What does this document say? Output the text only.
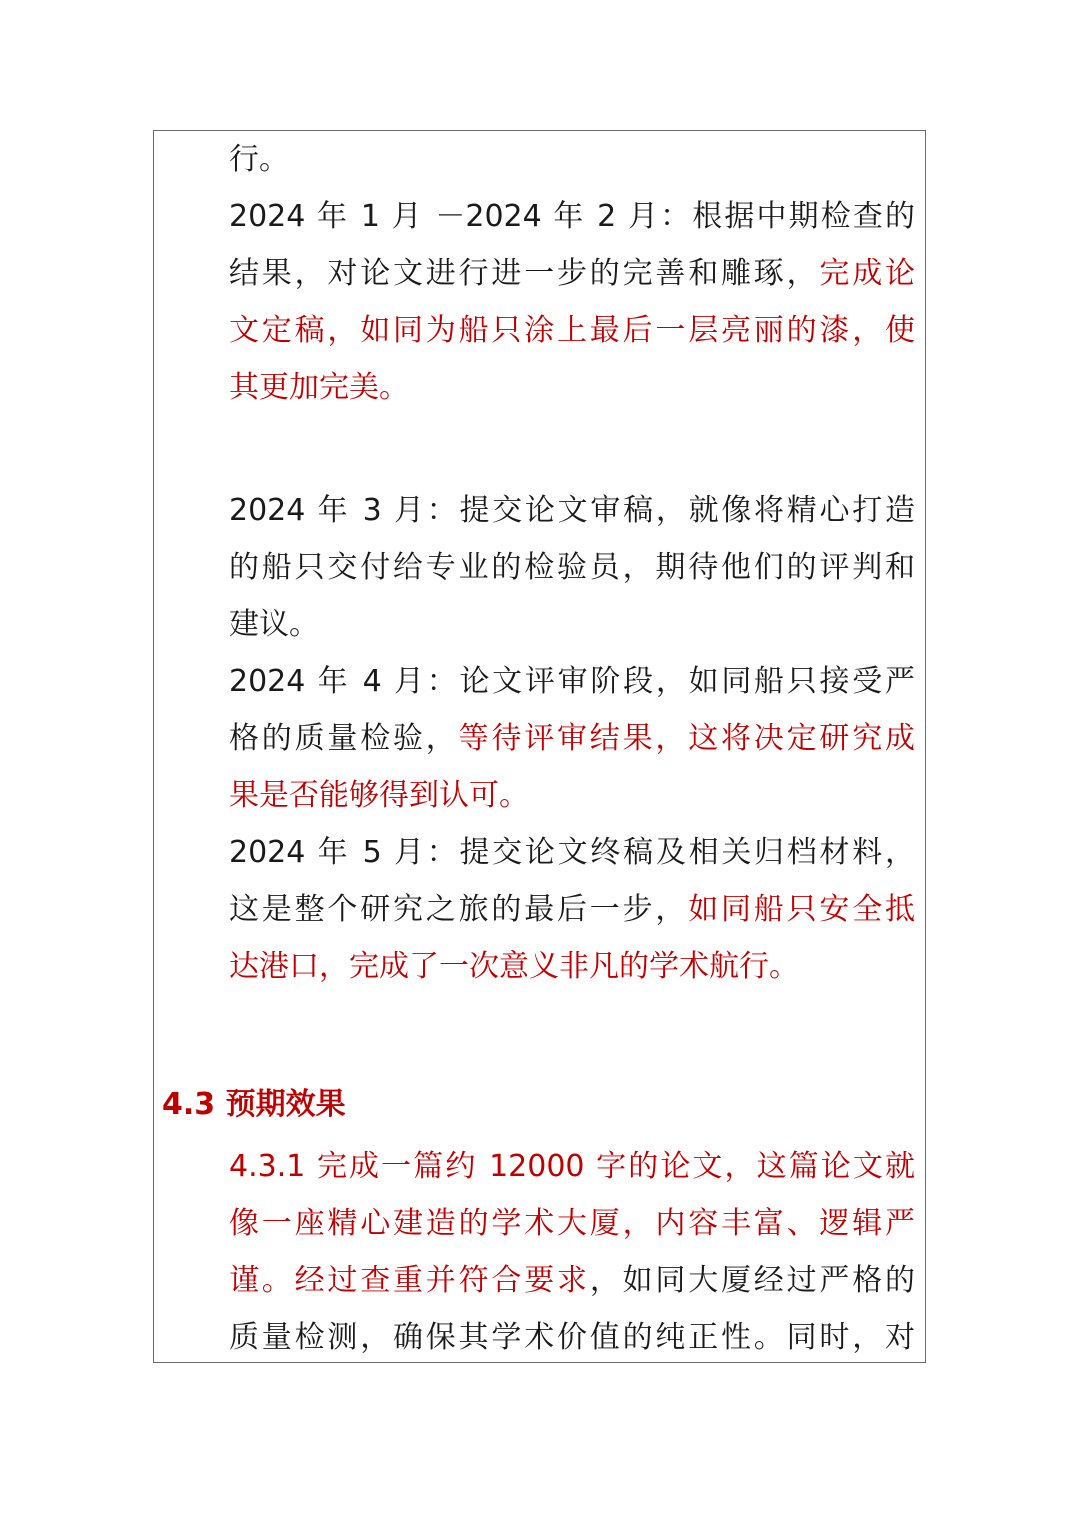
行。
2024 年 1 月 －2024 年 2 月：根据中期检查的
结果，对论文进行进一步的完善和雕琢，完成论
文定稿，如同为船只涂上最后一层亮丽的漆，使
其更加完美。
2024 年 3 月：提交论文审稿，就像将精心打造
的船只交付给专业的检验员，期待他们的评判和
建议。
2024 年 4 月：论文评审阶段，如同船只接受严
格的质量检验，等待评审结果，这将决定研究成
果是否能够得到认可。
2024 年 5 月：提交论文终稿及相关归档材料，
这是整个研究之旅的最后一步，如同船只安全抵
达港口，完成了一次意义非凡的学术航行。
4.3 预期效果
4.3.1 完成一篇约 12000 字的论文，这篇论文就
像一座精心建造的学术大厦，内容丰富、逻辑严
谨。经过查重并符合要求，如同大厦经过严格的
质量检测，确保其学术价值的纯正性。同时，对
